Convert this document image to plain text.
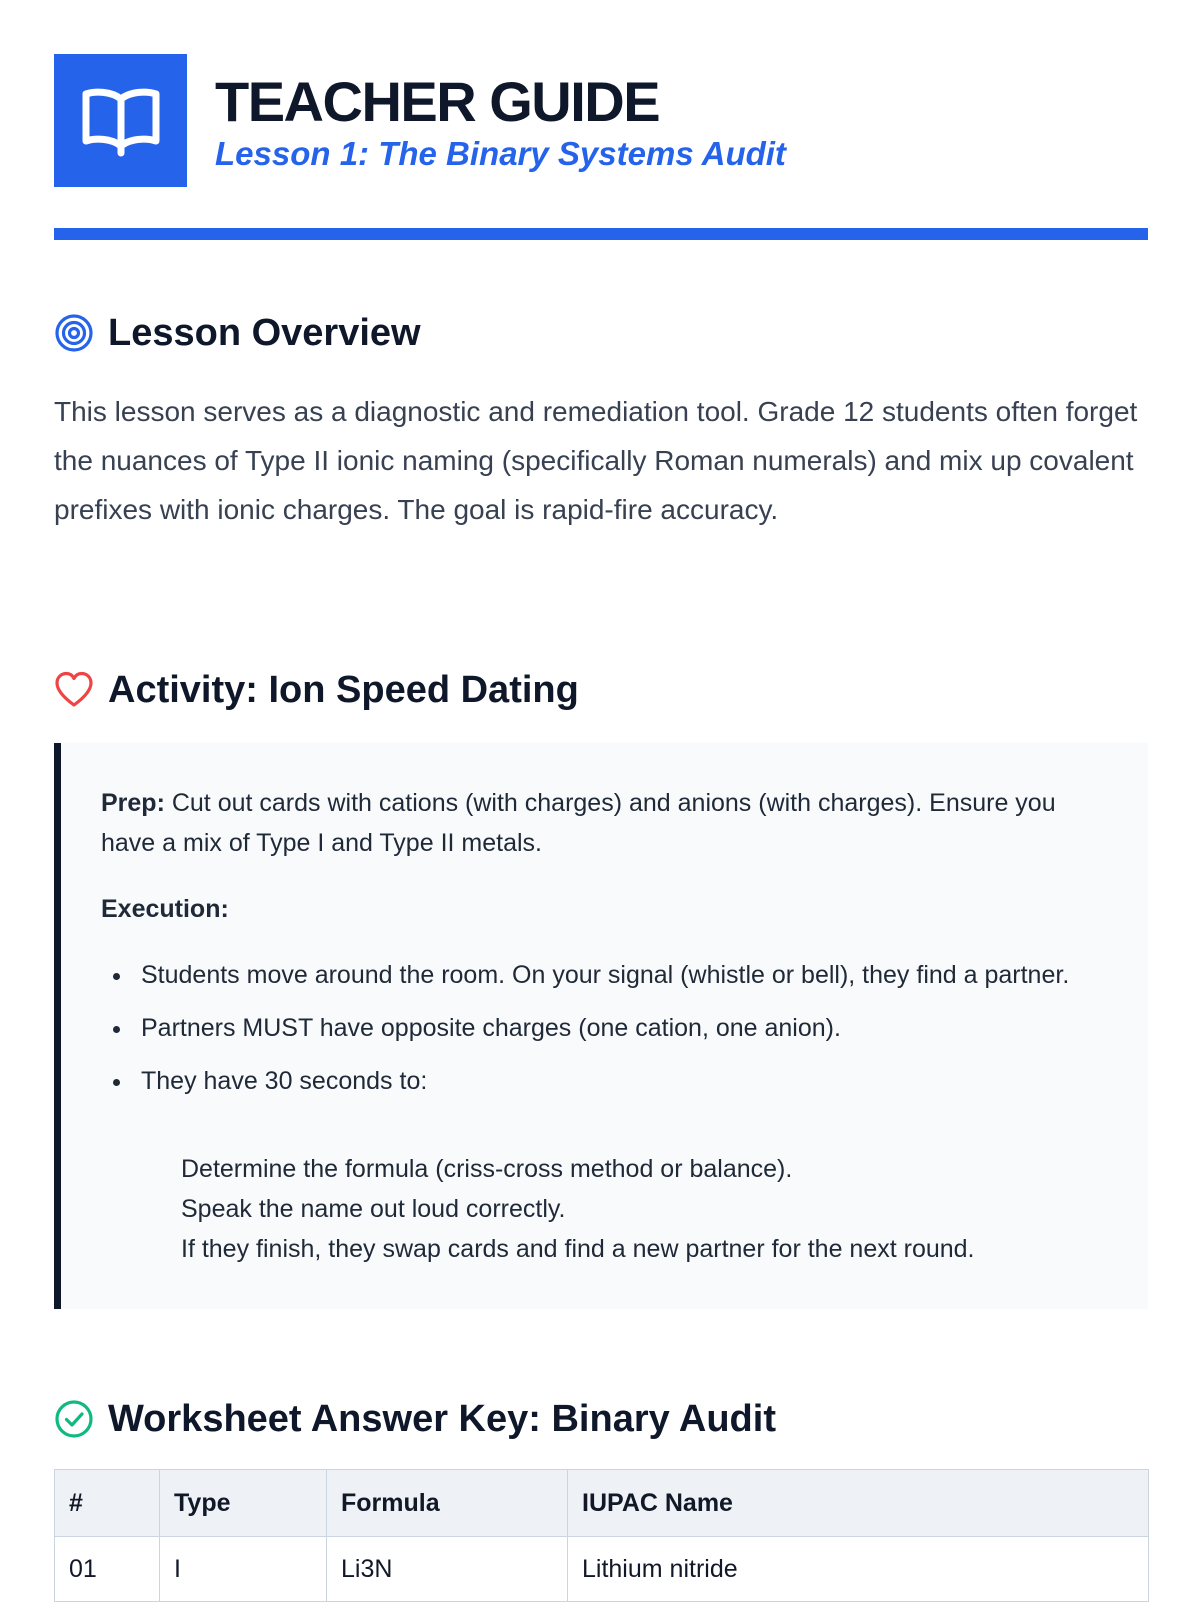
TEACHER GUIDE
Lesson 1: The Binary Systems Audit
Lesson Overview
This lesson serves as a diagnostic and remediation tool. Grade 12 students often forget the nuances of Type II ionic naming (specifically Roman numerals) and mix up covalent prefixes with ionic charges. The goal is rapid-fire accuracy.
Activity: Ion Speed Dating
Prep: Cut out cards with cations (with charges) and anions (with charges). Ensure you have a mix of Type I and Type II metals.
Execution:
Students move around the room. On your signal (whistle or bell), they find a partner.
Partners MUST have opposite charges (one cation, one anion).
They have 30 seconds to:
Determine the formula (criss-cross method or balance).
Speak the name out loud correctly.
If they finish, they swap cards and find a new partner for the next round.
Worksheet Answer Key: Binary Audit
#	Type	Formula	IUPAC Name
01	I	Li3N	Lithium nitride
